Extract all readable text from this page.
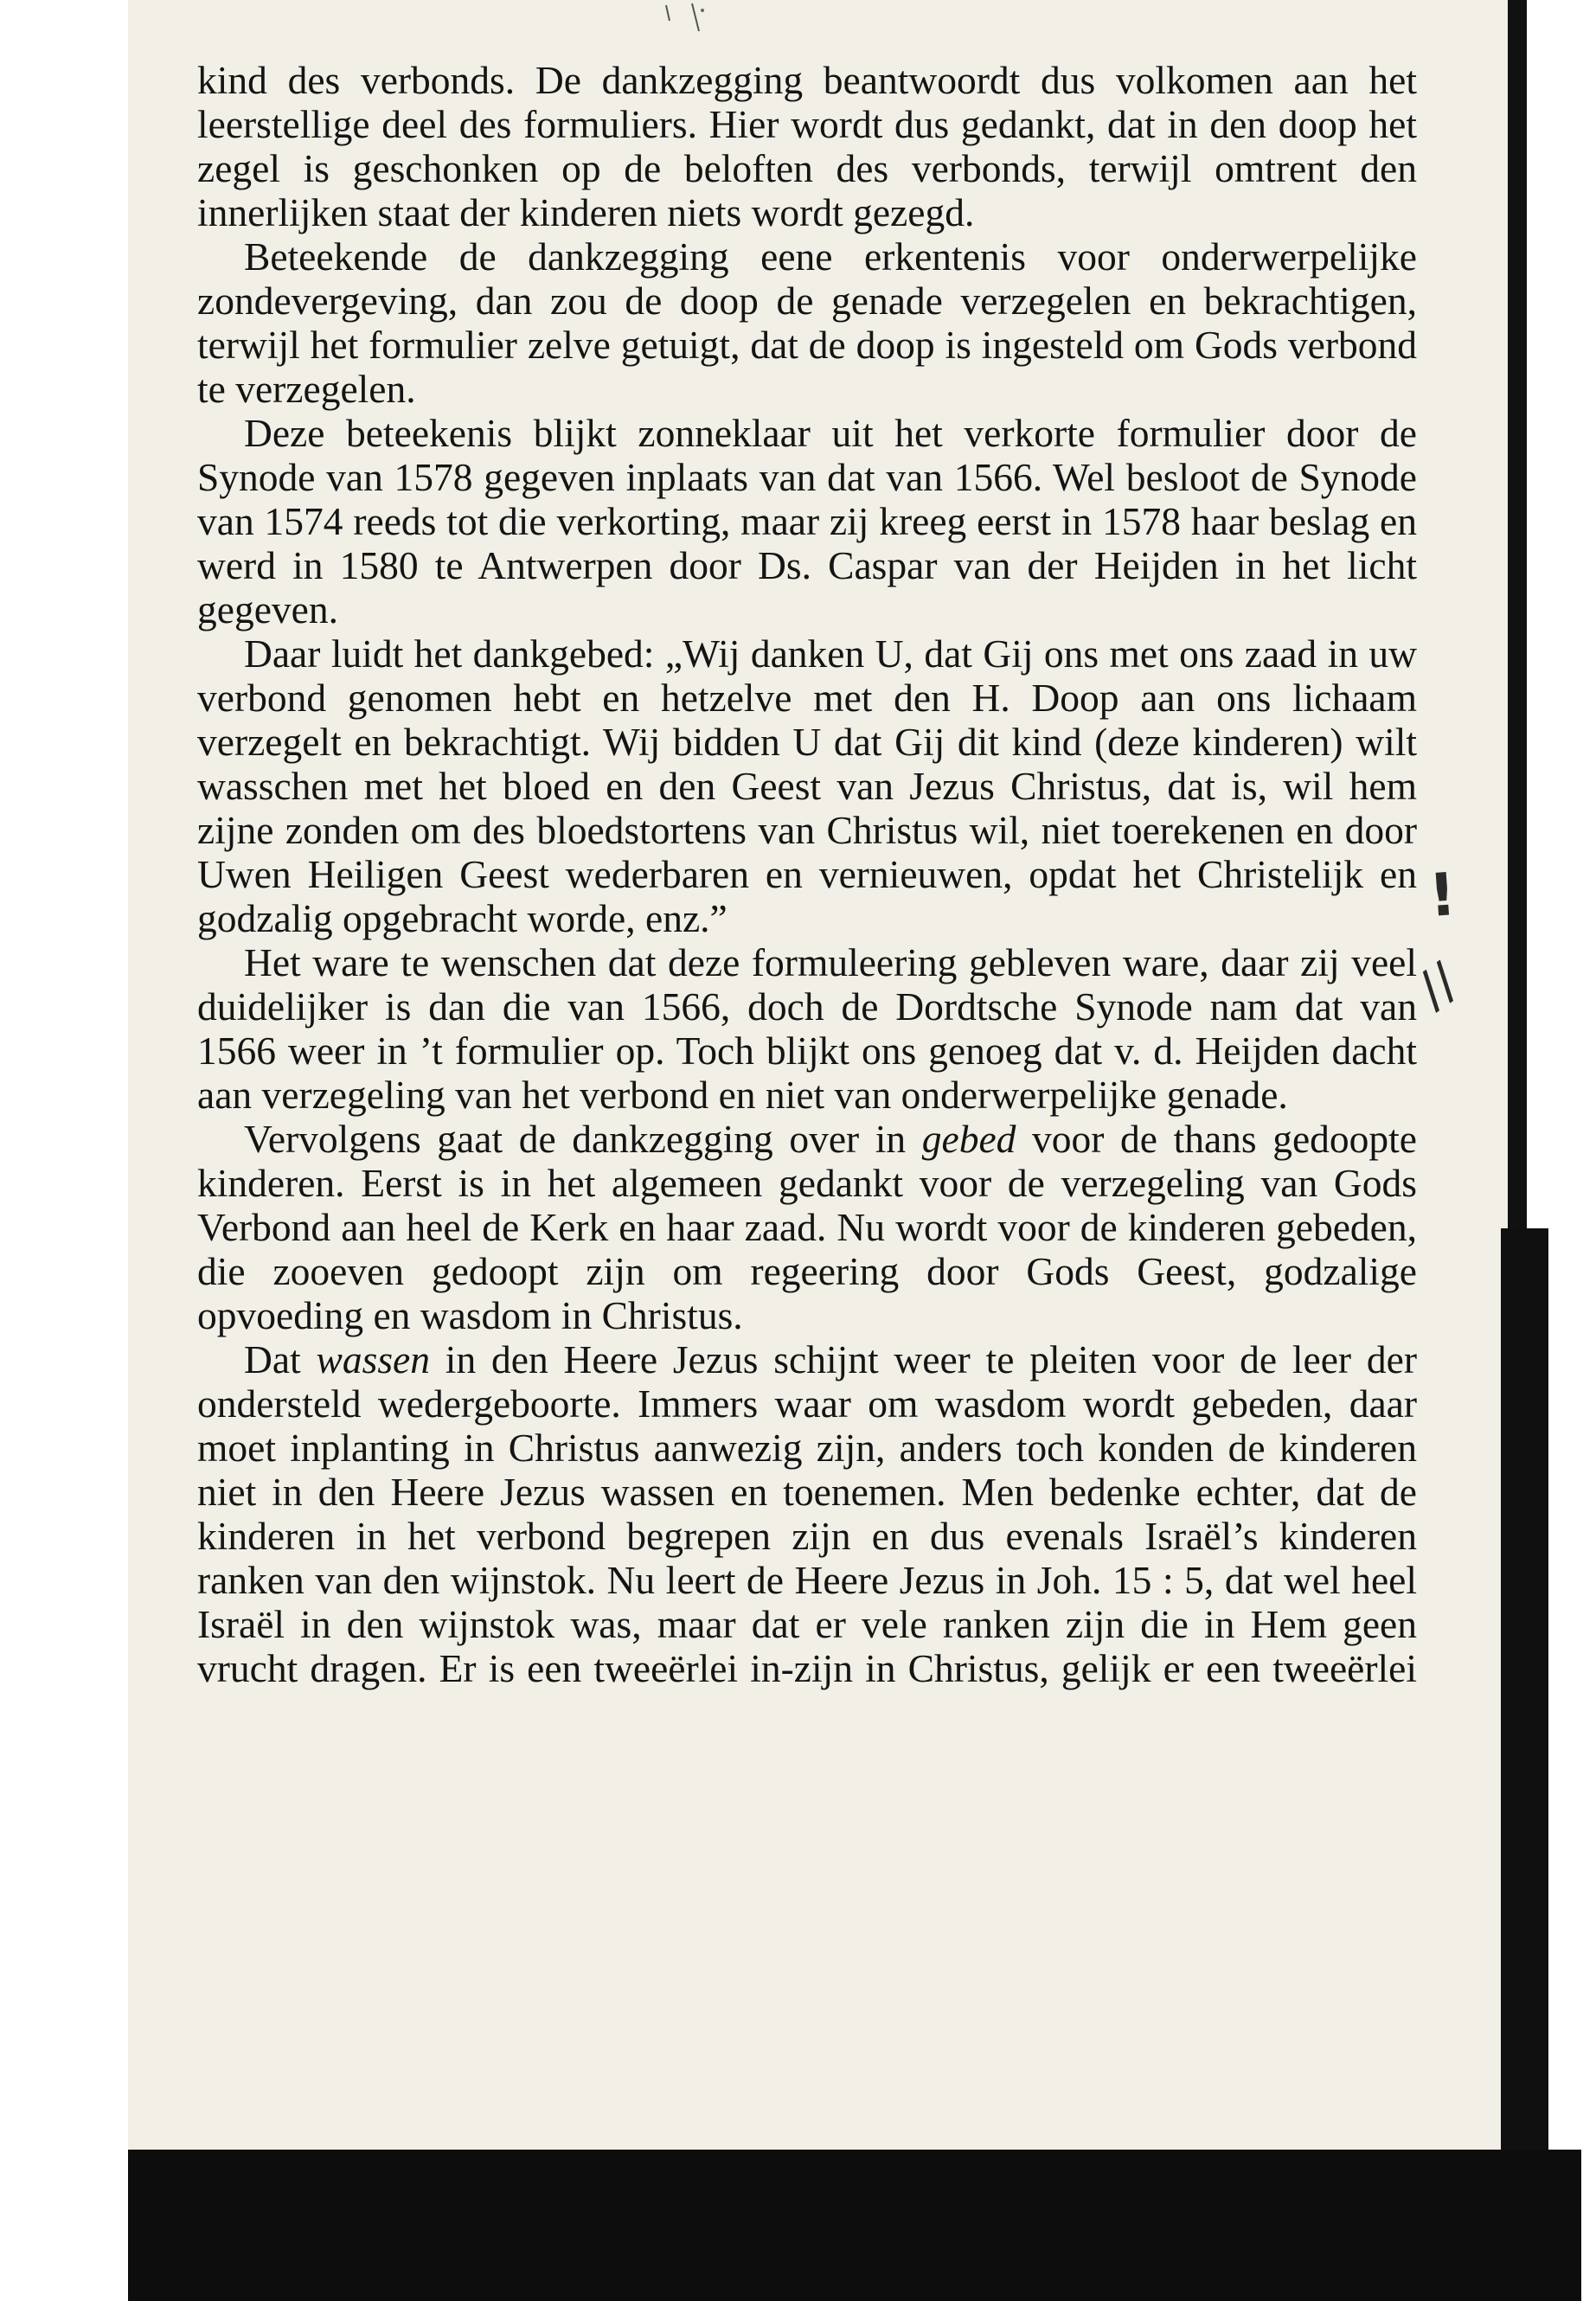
kind des verbonds. De dankzegging beantwoordt dus volkomen aan het leerstellige deel des formuliers. Hier wordt dus gedankt, dat in den doop het zegel is geschonken op de beloften des verbonds, terwijl omtrent den innerlijken staat der kinderen niets wordt gezegd.

Beteekende de dankzegging eene erkentenis voor onderwerpelijke zondevergeving, dan zou de doop de genade verzegelen en bekrachtigen, terwijl het formulier zelve getuigt, dat de doop is ingesteld om Gods verbond te verzegelen.

Deze beteekenis blijkt zonneklaar uit het verkorte formulier door de Synode van 1578 gegeven inplaats van dat van 1566. Wel besloot de Synode van 1574 reeds tot die verkorting, maar zij kreeg eerst in 1578 haar beslag en werd in 1580 te Antwerpen door Ds. Caspar van der Heijden in het licht gegeven.

Daar luidt het dankgebed: „Wij danken U, dat Gij ons met ons zaad in uw verbond genomen hebt en hetzelve met den H. Doop aan ons lichaam verzegelt en bekrachtigt. Wij bidden U dat Gij dit kind (deze kinderen) wilt wasschen met het bloed en den Geest van Jezus Christus, dat is, wil hem zijne zonden om des bloedstortens van Christus wil, niet toerekenen en door Uwen Heiligen Geest wederbaren en vernieuwen, opdat het Christelijk en godzalig opgebracht worde, enz.”

Het ware te wenschen dat deze formuleering gebleven ware, daar zij veel duidelijker is dan die van 1566, doch de Dordtsche Synode nam dat van 1566 weer in ’t formulier op. Toch blijkt ons genoeg dat v. d. Heijden dacht aan verzegeling van het verbond en niet van onderwerpelijke genade.

Vervolgens gaat de dankzegging over in gebed voor de thans gedoopte kinderen. Eerst is in het algemeen gedankt voor de verzegeling van Gods Verbond aan heel de Kerk en haar zaad. Nu wordt voor de kinderen gebeden, die zooeven gedoopt zijn om regeering door Gods Geest, godzalige opvoeding en wasdom in Christus.

Dat wassen in den Heere Jezus schijnt weer te pleiten voor de leer der ondersteld wedergeboorte. Immers waar om wasdom wordt gebeden, daar moet inplanting in Christus aanwezig zijn, anders toch konden de kinderen niet in den Heere Jezus wassen en toenemen. Men bedenke echter, dat de kinderen in het verbond begrepen zijn en dus evenals Israël’s kinderen ranken van den wijnstok. Nu leert de Heere Jezus in Joh. 15 : 5, dat wel heel Israël in den wijnstok was, maar dat er vele ranken zijn die in Hem geen vrucht dragen. Er is een tweeërlei in-zijn in Christus, gelijk er een tweeërlei

!
//
